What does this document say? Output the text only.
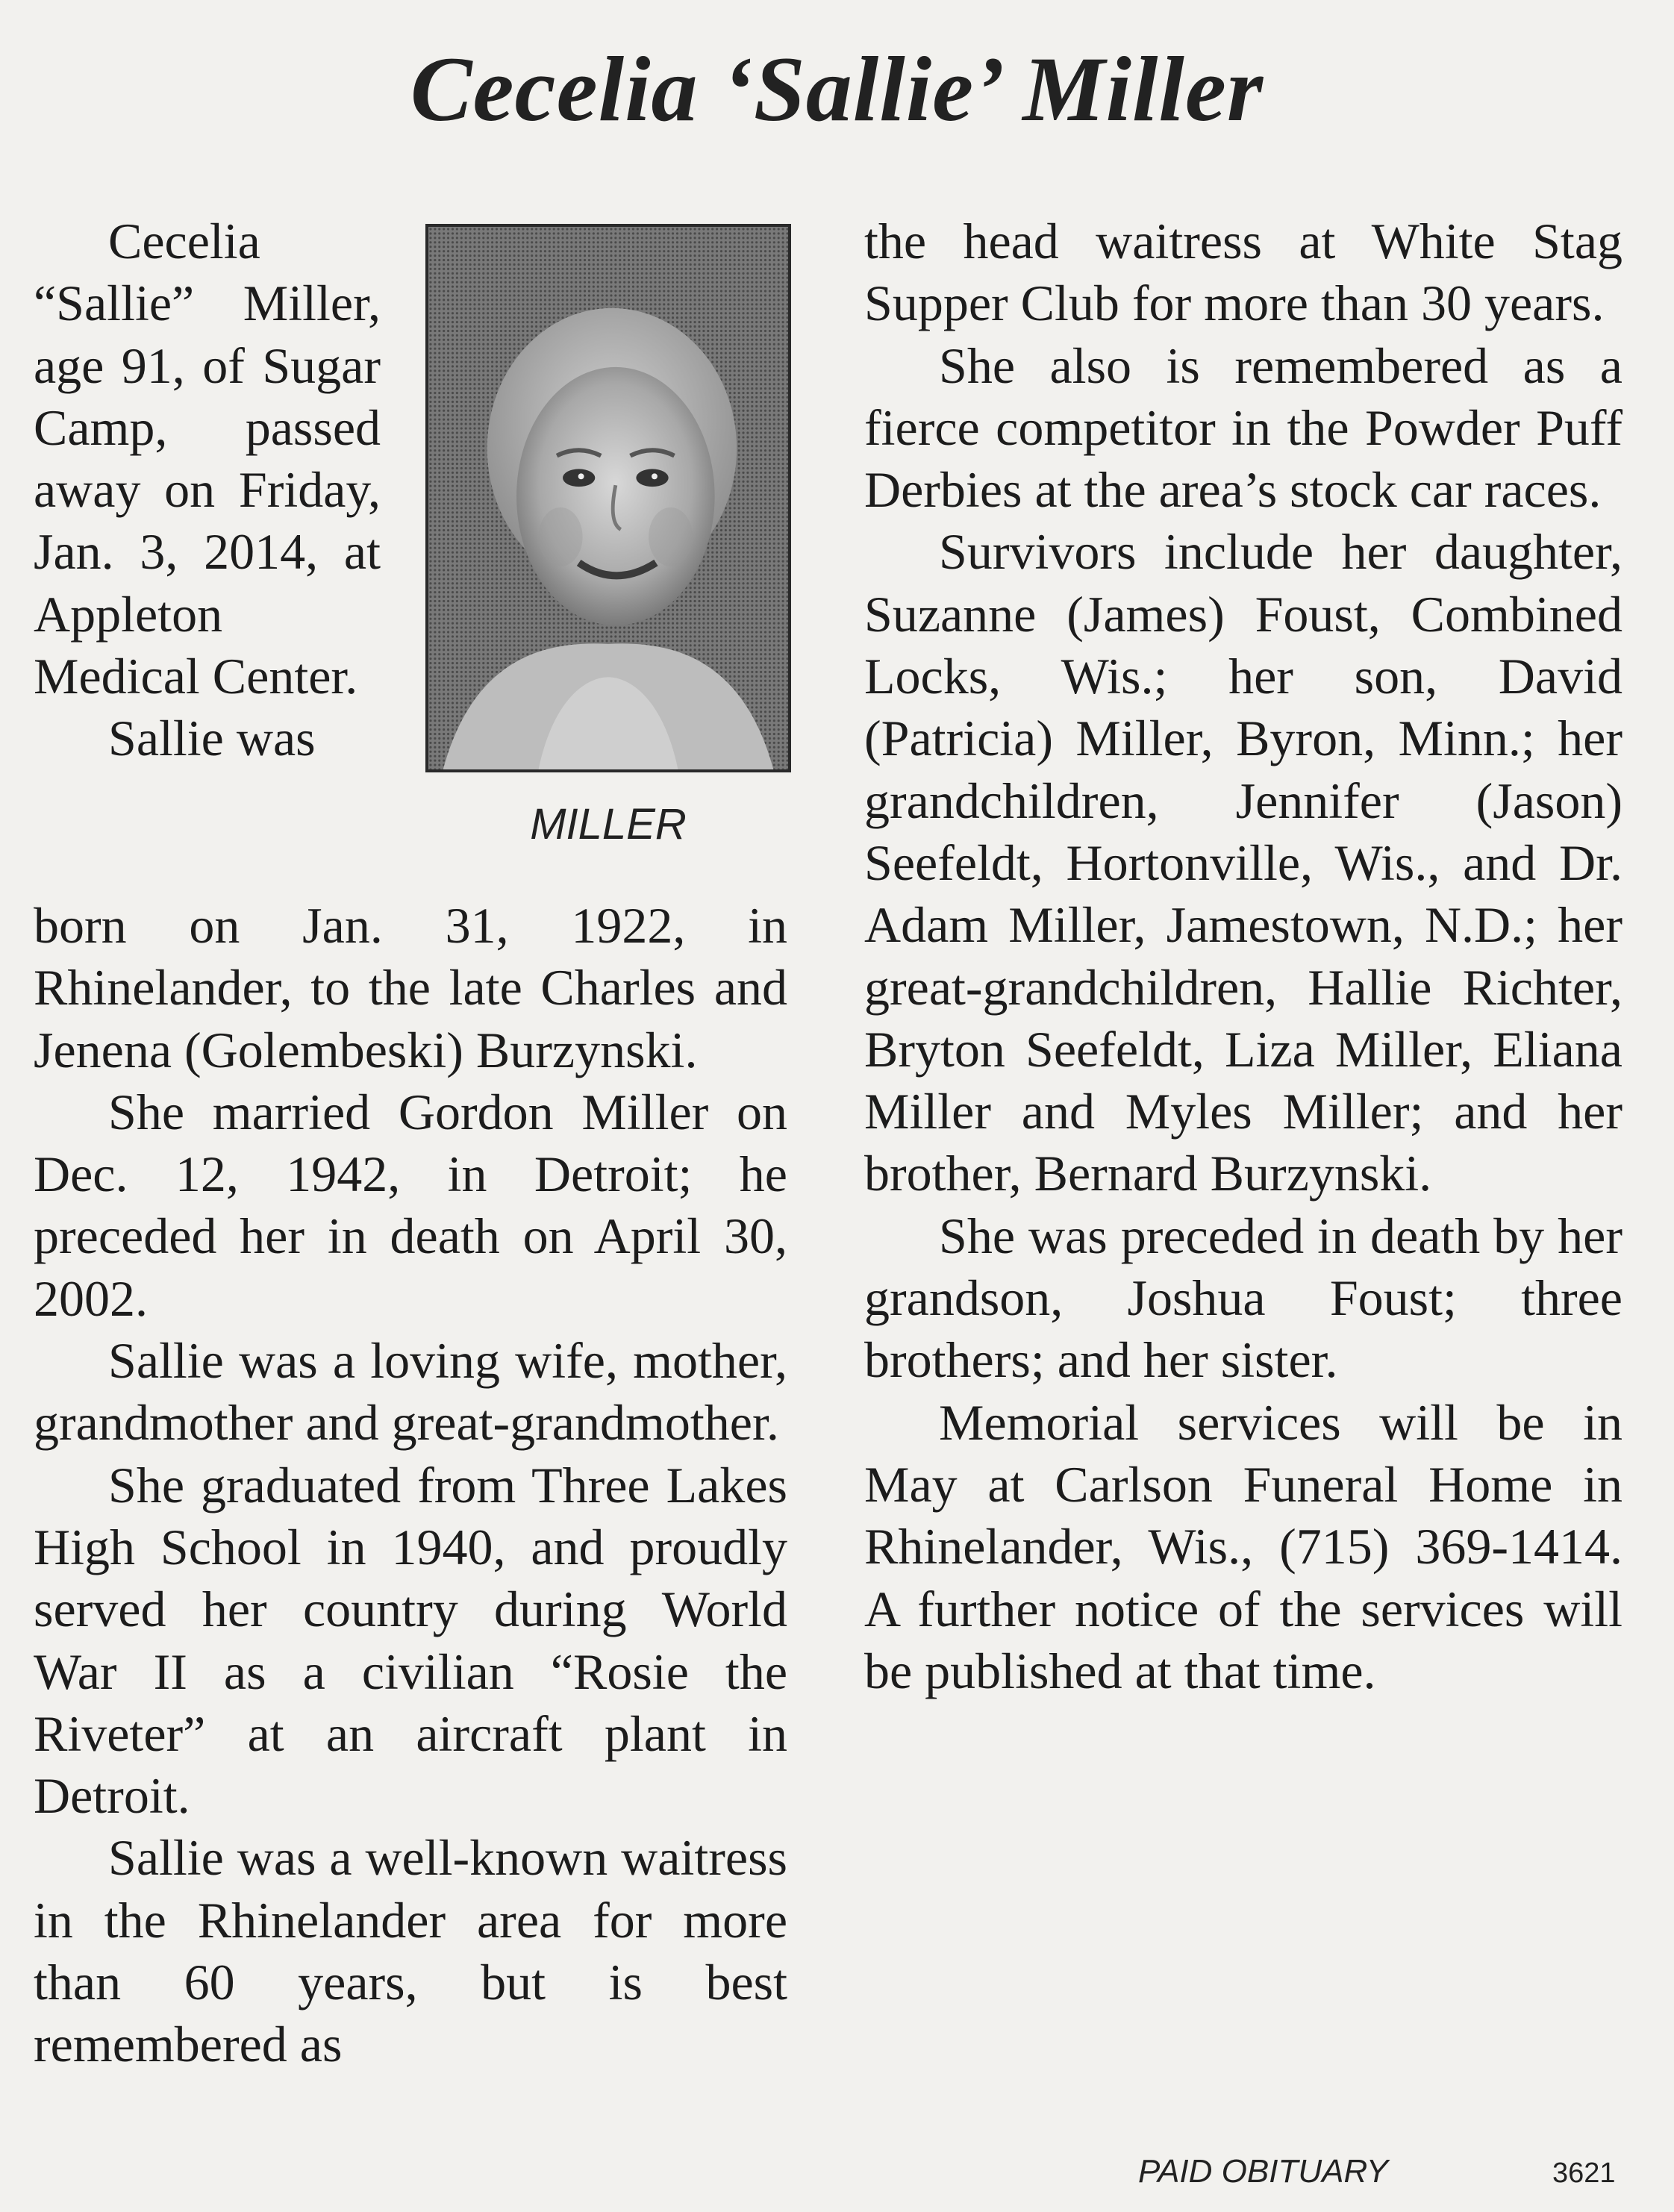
Cecelia ‘Sallie’ Miller

Cecelia “Sallie” Miller, age 91, of Sugar Camp, passed away on Friday, Jan. 3, 2014, at Appleton Medical Center.

Sallie was

MILLER

born on Jan. 31, 1922, in Rhinelander, to the late Charles and Jenena (Golembeski) Burzynski.

She married Gordon Miller on Dec. 12, 1942, in Detroit; he preceded her in death on April 30, 2002.

Sallie was a loving wife, mother, grandmother and great-grandmother.

She graduated from Three Lakes High School in 1940, and proudly served her country during World War II as a civilian “Rosie the Riveter” at an aircraft plant in Detroit.

Sallie was a well-known waitress in the Rhinelander area for more than 60 years, but is best remembered as

the head waitress at White Stag Supper Club for more than 30 years.

She also is remembered as a fierce competitor in the Powder Puff Derbies at the area’s stock car races.

Survivors include her daughter, Suzanne (James) Foust, Combined Locks, Wis.; her son, David (Patricia) Miller, Byron, Minn.; her grandchildren, Jennifer (Jason) Seefeldt, Hortonville, Wis., and Dr. Adam Miller, Jamestown, N.D.; her great-grandchildren, Hallie Richter, Bryton Seefeldt, Liza Miller, Eliana Miller and Myles Miller; and her brother, Bernard Burzynski.

She was preceded in death by her grandson, Joshua Foust; three brothers; and her sister.

Memorial services will be in May at Carlson Funeral Home in Rhinelander, Wis., (715) 369-1414. A further notice of the services will be published at that time.

PAID OBITUARY	3621
